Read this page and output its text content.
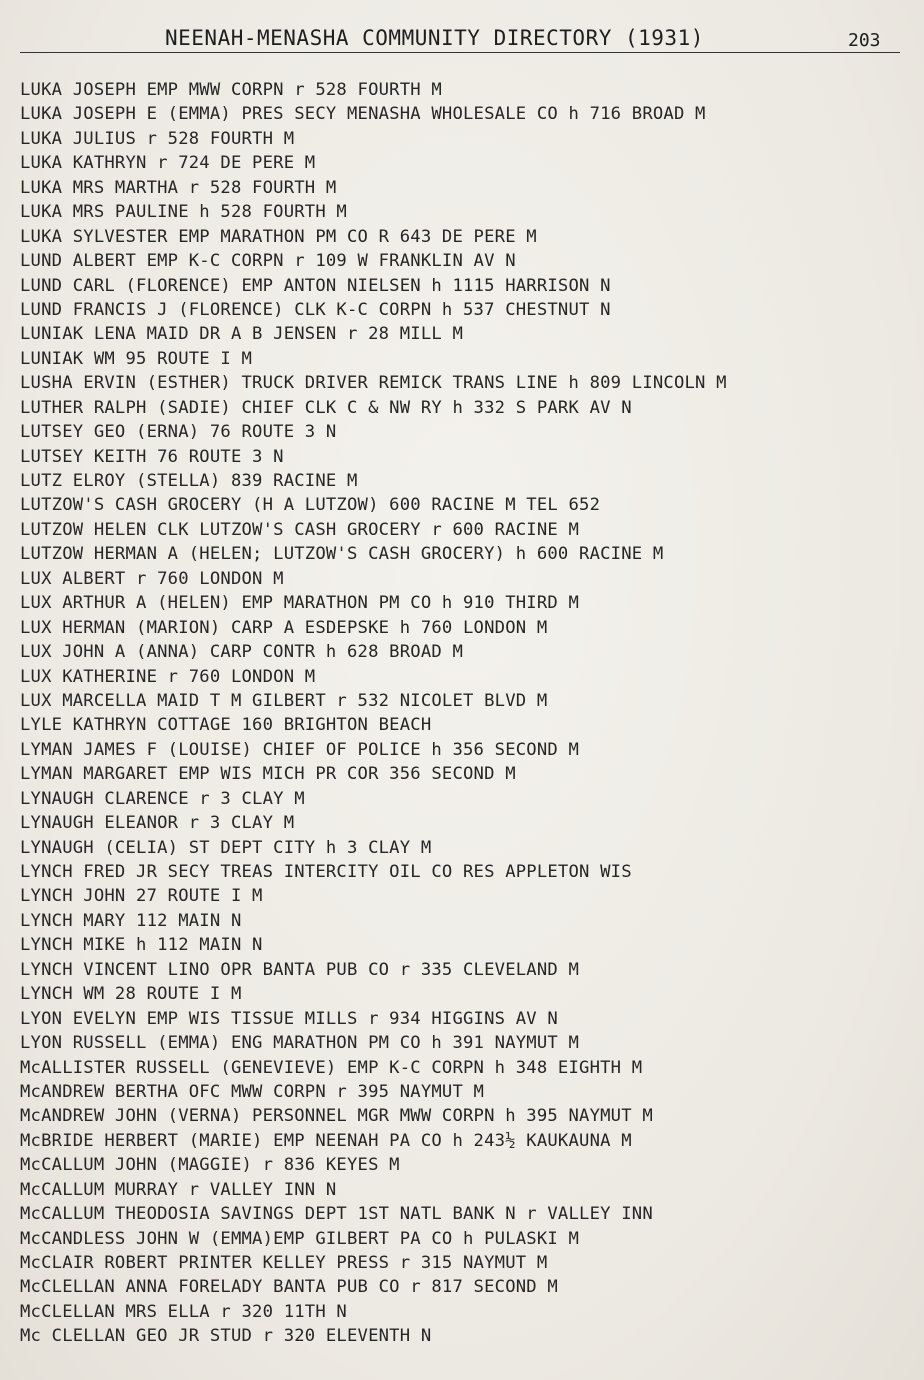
NEENAH-MENASHA COMMUNITY DIRECTORY (1931)	203
LUKA JOSEPH EMP MWW CORPN r 528 FOURTH M
LUKA JOSEPH E (EMMA) PRES SECY MENASHA WHOLESALE CO h 716 BROAD M
LUKA JULIUS r 528 FOURTH M
LUKA KATHRYN r 724 DE PERE M
LUKA MRS MARTHA r 528 FOURTH M
LUKA MRS PAULINE h 528 FOURTH M
LUKA SYLVESTER EMP MARATHON PM CO R 643 DE PERE M
LUND ALBERT EMP K-C CORPN r 109 W FRANKLIN AV N
LUND CARL (FLORENCE) EMP ANTON NIELSEN h 1115 HARRISON N
LUND FRANCIS J (FLORENCE) CLK K-C CORPN h 537 CHESTNUT N
LUNIAK LENA MAID DR A B JENSEN r 28 MILL M
LUNIAK WM 95 ROUTE I M
LUSHA ERVIN (ESTHER) TRUCK DRIVER REMICK TRANS LINE h 809 LINCOLN M
LUTHER RALPH (SADIE) CHIEF CLK C & NW RY h 332 S PARK AV N
LUTSEY GEO (ERNA) 76 ROUTE 3 N
LUTSEY KEITH 76 ROUTE 3 N
LUTZ ELROY (STELLA) 839 RACINE M
LUTZOW'S CASH GROCERY (H A LUTZOW) 600 RACINE M TEL 652
LUTZOW HELEN CLK LUTZOW'S CASH GROCERY r 600 RACINE M
LUTZOW HERMAN A (HELEN; LUTZOW'S CASH GROCERY) h 600 RACINE M
LUX ALBERT r 760 LONDON M
LUX ARTHUR A (HELEN) EMP MARATHON PM CO h 910 THIRD M
LUX HERMAN (MARION) CARP A ESDEPSKE h 760 LONDON M
LUX JOHN A (ANNA) CARP CONTR h 628 BROAD M
LUX KATHERINE r 760 LONDON M
LUX MARCELLA MAID T M GILBERT r 532 NICOLET BLVD M
LYLE KATHRYN COTTAGE 160 BRIGHTON BEACH
LYMAN JAMES F (LOUISE) CHIEF OF POLICE h 356 SECOND M
LYMAN MARGARET EMP WIS MICH PR COR 356 SECOND M
LYNAUGH CLARENCE r 3 CLAY M
LYNAUGH ELEANOR r 3 CLAY M
LYNAUGH (CELIA) ST DEPT CITY h 3 CLAY M
LYNCH FRED JR SECY TREAS INTERCITY OIL CO RES APPLETON WIS
LYNCH JOHN 27 ROUTE I M
LYNCH MARY 112 MAIN N
LYNCH MIKE h 112 MAIN N
LYNCH VINCENT LINO OPR BANTA PUB CO r 335 CLEVELAND M
LYNCH WM 28 ROUTE I M
LYON EVELYN EMP WIS TISSUE MILLS r 934 HIGGINS AV N
LYON RUSSELL (EMMA) ENG MARATHON PM CO h 391 NAYMUT M
McALLISTER RUSSELL (GENEVIEVE) EMP K-C CORPN h 348 EIGHTH M
McANDREW BERTHA OFC MWW CORPN r 395 NAYMUT M
McANDREW JOHN (VERNA) PERSONNEL MGR MWW CORPN h 395 NAYMUT M
McBRIDE HERBERT (MARIE) EMP NEENAH PA CO h 243½ KAUKAUNA M
McCALLUM JOHN (MAGGIE) r 836 KEYES M
McCALLUM MURRAY r VALLEY INN N
McCALLUM THEODOSIA SAVINGS DEPT 1ST NATL BANK N r VALLEY INN
McCANDLESS JOHN W (EMMA)EMP GILBERT PA CO h PULASKI M
McCLAIR ROBERT PRINTER KELLEY PRESS r 315 NAYMUT M
McCLELLAN ANNA FORELADY BANTA PUB CO r 817 SECOND M
McCLELLAN MRS ELLA r 320 11TH N
Mc CLELLAN GEO JR STUD r 320 ELEVENTH N
